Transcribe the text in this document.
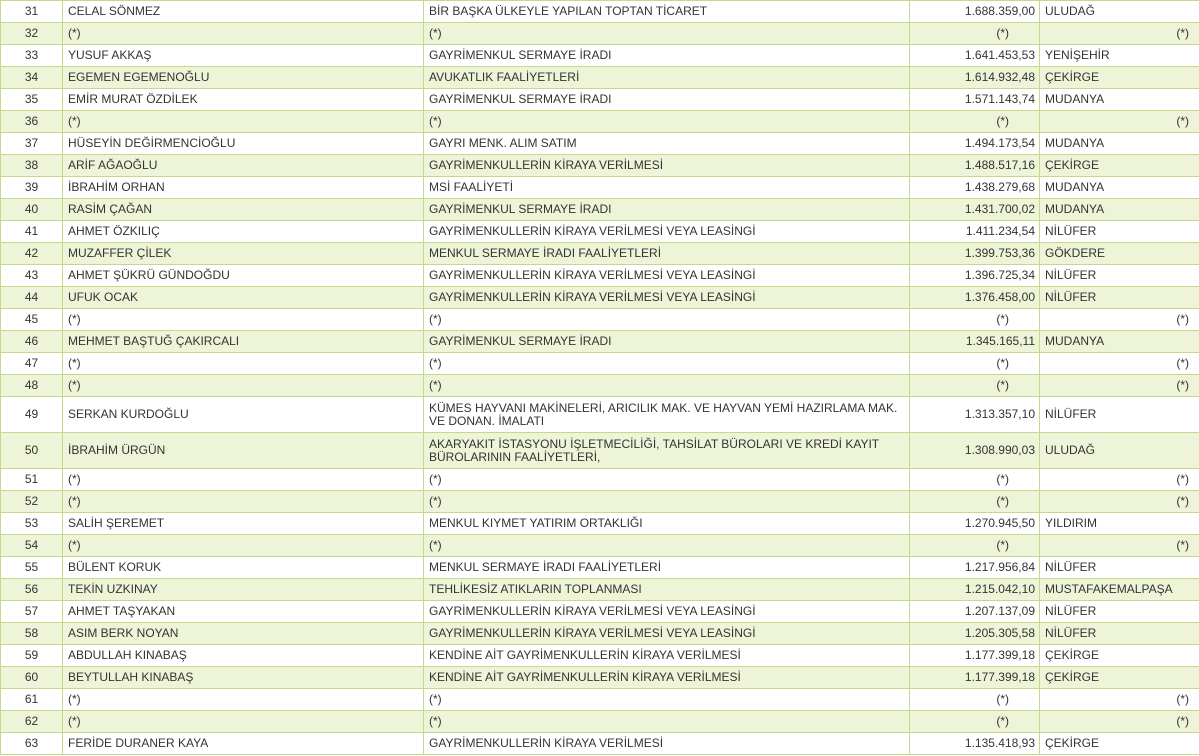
31	CELAL SÖNMEZ	BİR BAŞKA ÜLKEYLE YAPILAN TOPTAN TİCARET	1.688.359,00	ULUDAĞ
32	(*)	(*)	(*)	(*)
33	YUSUF AKKAŞ	GAYRİMENKUL SERMAYE İRADI	1.641.453,53	YENİŞEHİR
34	EGEMEN EGEMENOĞLU	AVUKATLIK FAALİYETLERİ	1.614.932,48	ÇEKİRGE
35	EMİR MURAT ÖZDİLEK	GAYRİMENKUL SERMAYE İRADI	1.571.143,74	MUDANYA
36	(*)	(*)	(*)	(*)
37	HÜSEYİN DEĞİRMENCİOĞLU	GAYRI MENK. ALIM SATIM	1.494.173,54	MUDANYA
38	ARİF AĞAOĞLU	GAYRİMENKULLERİN KİRAYA VERİLMESİ	1.488.517,16	ÇEKİRGE
39	İBRAHİM ORHAN	MSİ FAALİYETİ	1.438.279,68	MUDANYA
40	RASİM ÇAĞAN	GAYRİMENKUL SERMAYE İRADI	1.431.700,02	MUDANYA
41	AHMET ÖZKILIÇ	GAYRİMENKULLERİN KİRAYA VERİLMESİ VEYA LEASİNGİ	1.411.234,54	NİLÜFER
42	MUZAFFER ÇİLEK	MENKUL SERMAYE İRADI FAALİYETLERİ	1.399.753,36	GÖKDERE
43	AHMET ŞÜKRÜ GÜNDOĞDU	GAYRİMENKULLERİN KİRAYA VERİLMESİ VEYA LEASİNGİ	1.396.725,34	NİLÜFER
44	UFUK OCAK	GAYRİMENKULLERİN KİRAYA VERİLMESİ VEYA LEASİNGİ	1.376.458,00	NİLÜFER
45	(*)	(*)	(*)	(*)
46	MEHMET BAŞTUĞ ÇAKIRCALI	GAYRİMENKUL SERMAYE İRADI	1.345.165,11	MUDANYA
47	(*)	(*)	(*)	(*)
48	(*)	(*)	(*)	(*)
49	SERKAN KURDOĞLU	KÜMES HAYVANI MAKİNELERİ, ARICILIK MAK. VE HAYVAN YEMİ HAZIRLAMA MAK. VE DONAN. İMALATI	1.313.357,10	NİLÜFER
50	İBRAHİM ÜRGÜN	AKARYAKIT İSTASYONU İŞLETMECİLİĞİ, TAHSİLAT BÜROLARI VE KREDİ KAYIT BÜROLARININ FAALİYETLERİ,	1.308.990,03	ULUDAĞ
51	(*)	(*)	(*)	(*)
52	(*)	(*)	(*)	(*)
53	SALİH ŞEREMET	MENKUL KIYMET YATIRIM ORTAKLIĞI	1.270.945,50	YILDIRIM
54	(*)	(*)	(*)	(*)
55	BÜLENT KORUK	MENKUL SERMAYE İRADI FAALİYETLERİ	1.217.956,84	NİLÜFER
56	TEKİN UZKINAY	TEHLİKESİZ ATIKLARIN TOPLANMASI	1.215.042,10	MUSTAFAKEMALPAŞA
57	AHMET TAŞYAKAN	GAYRİMENKULLERİN KİRAYA VERİLMESİ VEYA LEASİNGİ	1.207.137,09	NİLÜFER
58	ASIM BERK NOYAN	GAYRİMENKULLERİN KİRAYA VERİLMESİ VEYA LEASİNGİ	1.205.305,58	NİLÜFER
59	ABDULLAH KINABAŞ	KENDİNE AİT GAYRİMENKULLERİN KİRAYA VERİLMESİ	1.177.399,18	ÇEKİRGE
60	BEYTULLAH KINABAŞ	KENDİNE AİT GAYRİMENKULLERİN KİRAYA VERİLMESİ	1.177.399,18	ÇEKİRGE
61	(*)	(*)	(*)	(*)
62	(*)	(*)	(*)	(*)
63	FERİDE DURANER KAYA	GAYRİMENKULLERİN KİRAYA VERİLMESİ	1.135.418,93	ÇEKİRGE
